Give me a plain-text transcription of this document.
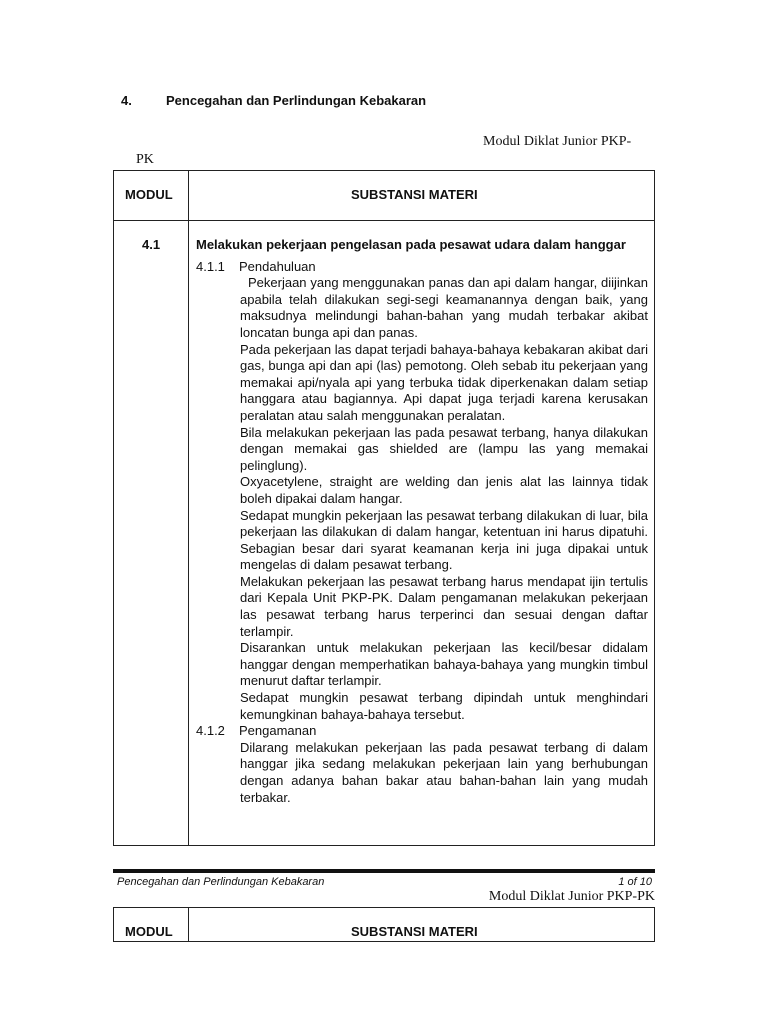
4.	Pencegahan dan Perlindungan Kebakaran
Modul Diklat Junior PKP-
PK
MODUL	SUBSTANSI MATERI
4.1	Melakukan pekerjaan pengelasan pada pesawat udara dalam hanggar
4.1.1 Pendahuluan
Pekerjaan yang menggunakan panas dan api dalam hangar, diijinkan apabila telah dilakukan segi-segi keamanannya dengan baik, yang maksudnya melindungi bahan-bahan yang mudah terbakar akibat loncatan bunga api dan panas.
Pada pekerjaan las dapat terjadi bahaya-bahaya kebakaran akibat dari gas, bunga api dan api (las) pemotong. Oleh sebab itu pekerjaan yang memakai api/nyala api yang terbuka tidak diperkenakan dalam setiap hanggara atau bagiannya. Api dapat juga terjadi karena kerusakan peralatan atau salah menggunakan peralatan.
Bila melakukan pekerjaan las pada pesawat terbang, hanya dilakukan dengan memakai gas shielded are (lampu las yang memakai pelinglung).
Oxyacetylene, straight are welding dan jenis alat las lainnya tidak boleh dipakai dalam hangar.
Sedapat mungkin pekerjaan las pesawat terbang dilakukan di luar, bila pekerjaan las dilakukan di dalam hangar, ketentuan ini harus dipatuhi. Sebagian besar dari syarat keamanan kerja ini juga dipakai untuk mengelas di dalam pesawat terbang.
Melakukan pekerjaan las pesawat terbang harus mendapat ijin tertulis dari Kepala Unit PKP-PK. Dalam pengamanan melakukan pekerjaan las pesawat terbang harus terperinci dan sesuai dengan daftar terlampir.
Disarankan untuk melakukan pekerjaan las kecil/besar didalam hanggar dengan memperhatikan bahaya-bahaya yang mungkin timbul menurut daftar terlampir.
Sedapat mungkin pesawat terbang dipindah untuk menghindari kemungkinan bahaya-bahaya tersebut.
4.1.2 Pengamanan
Dilarang melakukan pekerjaan las pada pesawat terbang di dalam hanggar jika sedang melakukan pekerjaan lain yang berhubungan dengan adanya bahan bakar atau bahan-bahan lain yang mudah terbakar.
Pencegahan dan Perlindungan Kebakaran	1 of 10
Modul Diklat Junior PKP-PK
MODUL	SUBSTANSI MATERI
